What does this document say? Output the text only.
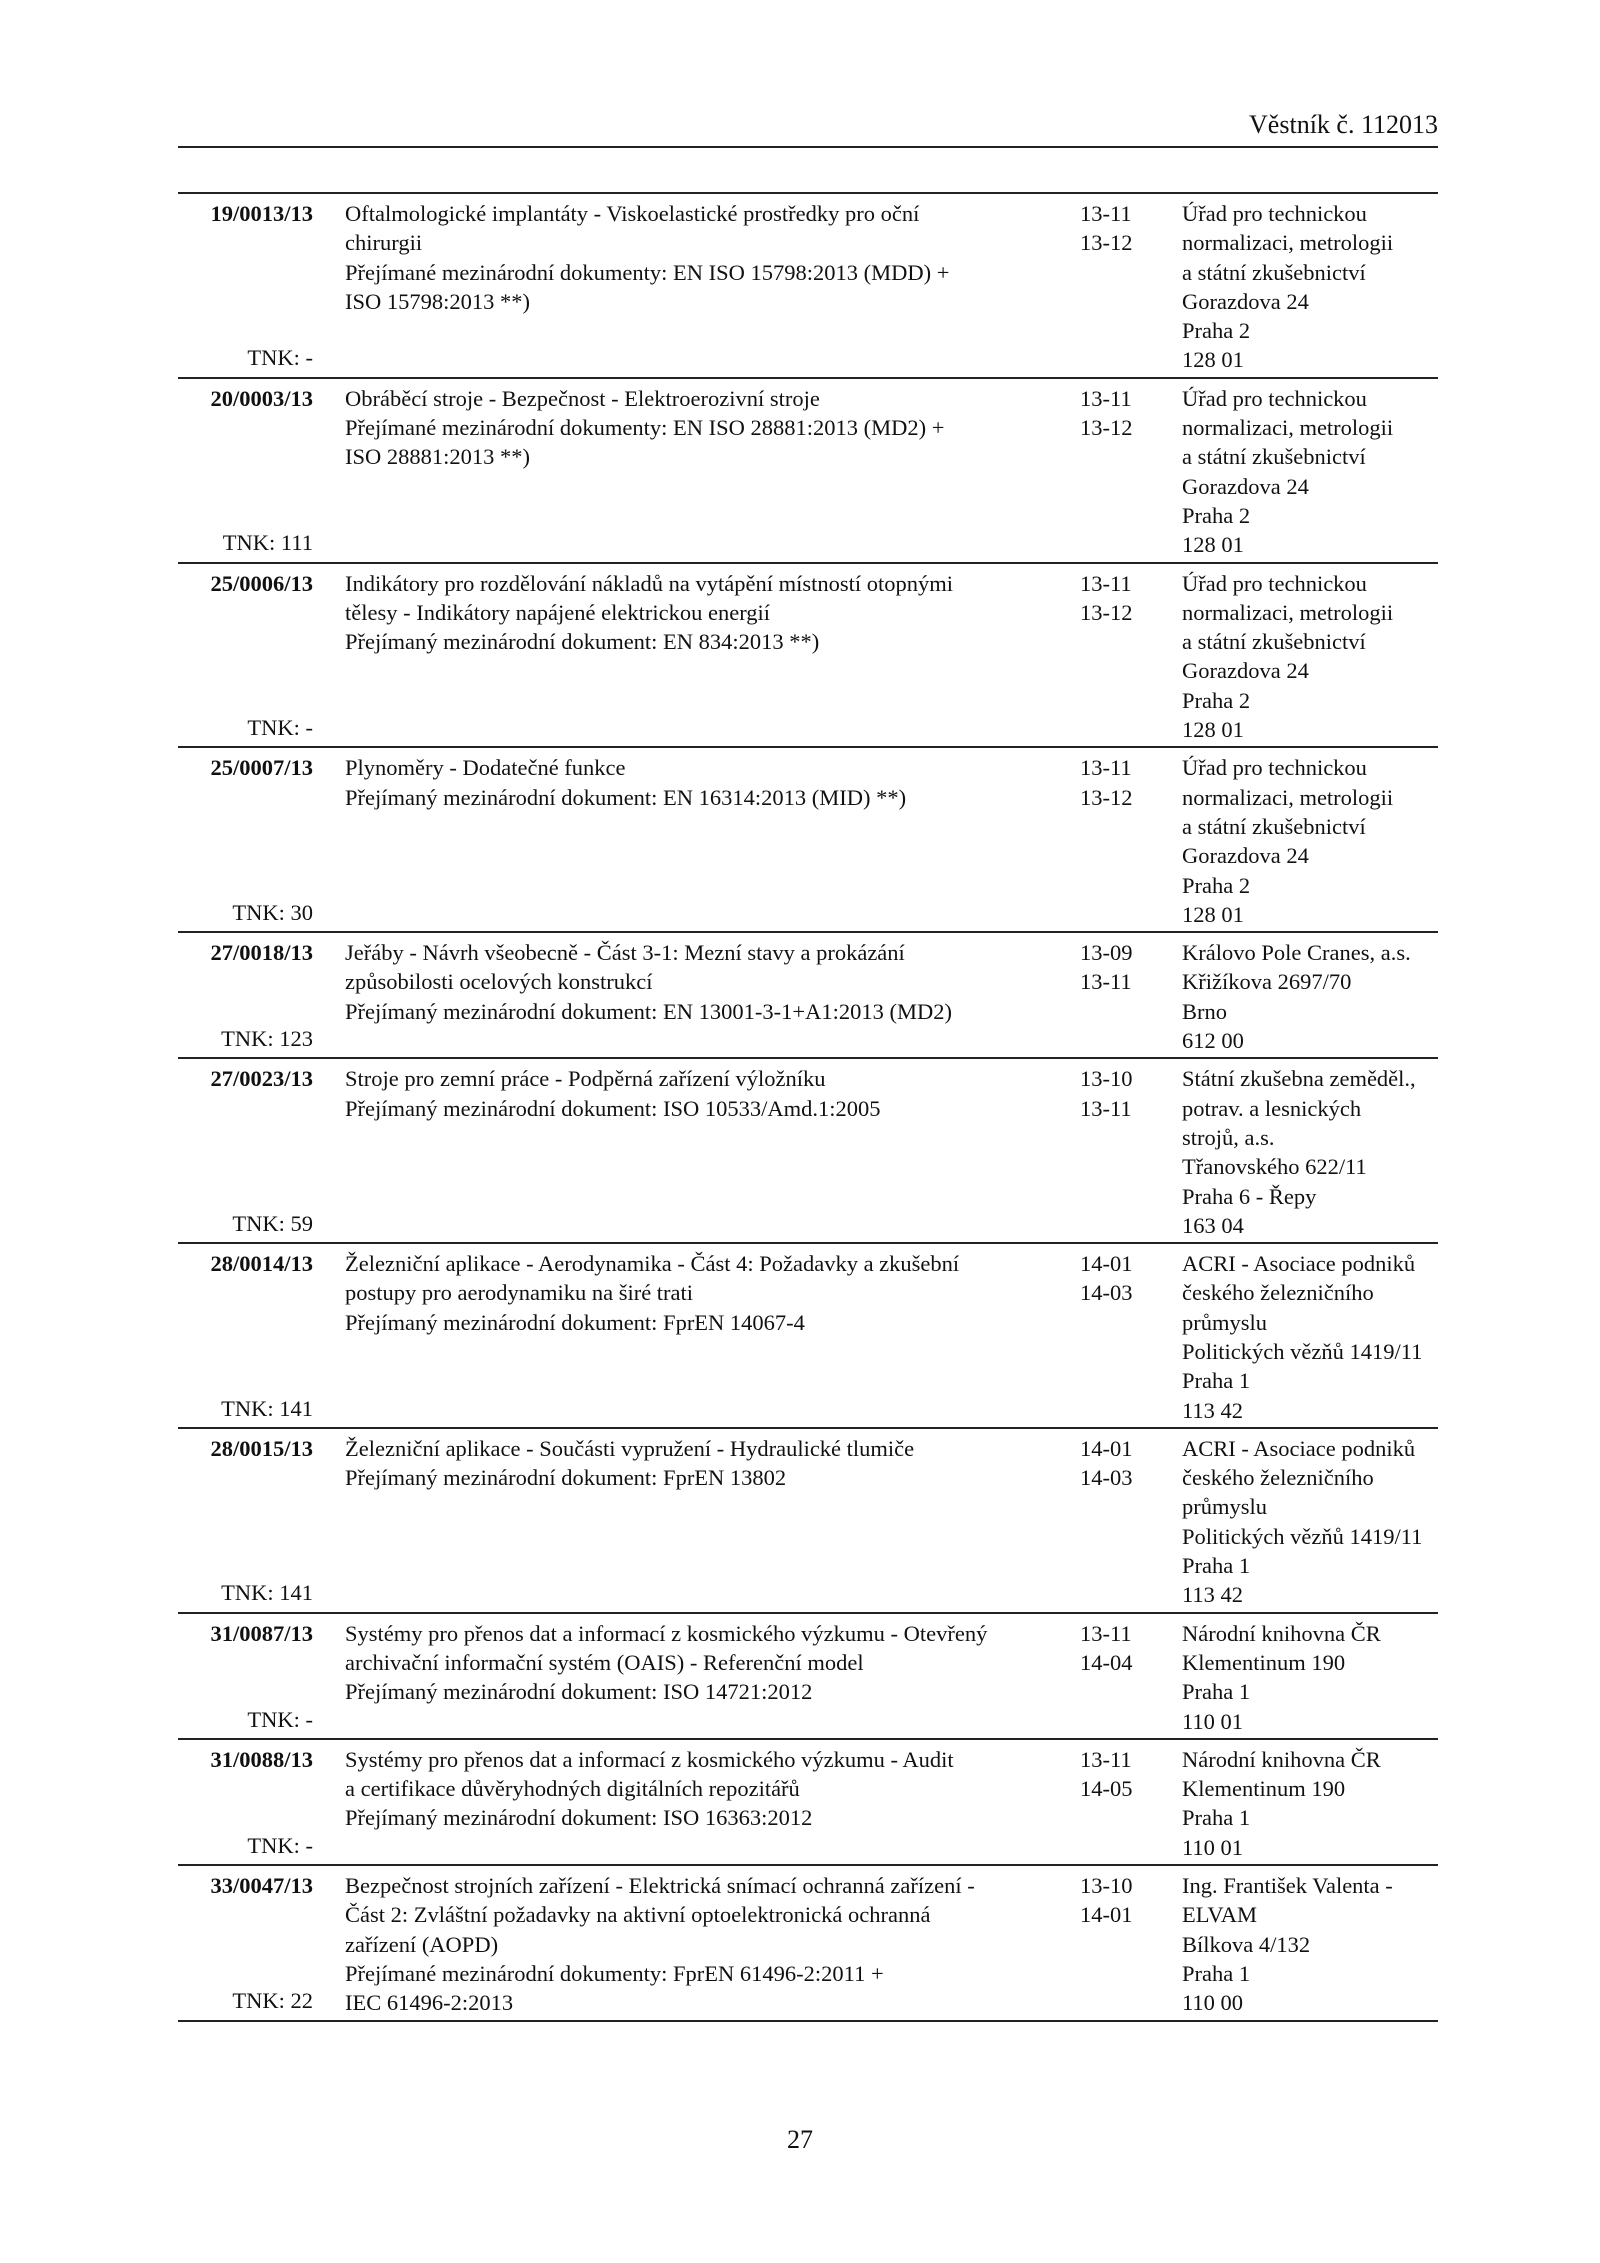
Věstník č. 112013
19/0013/13
TNK: -
Oftalmologické implantáty - Viskoelastické prostředky pro oční
chirurgii
Přejímané mezinárodní dokumenty: EN ISO 15798:2013 (MDD) +
ISO 15798:2013 **)
13-11
13-12
Úřad pro technickou
normalizaci, metrologii
a státní zkušebnictví
Gorazdova 24
Praha 2
128 01
20/0003/13
TNK: 111
Obráběcí stroje - Bezpečnost - Elektroerozivní stroje
Přejímané mezinárodní dokumenty: EN ISO 28881:2013 (MD2) +
ISO 28881:2013 **)
13-11
13-12
Úřad pro technickou
normalizaci, metrologii
a státní zkušebnictví
Gorazdova 24
Praha 2
128 01
25/0006/13
TNK: -
Indikátory pro rozdělování nákladů na vytápění místností otopnými
tělesy - Indikátory napájené elektrickou energií
Přejímaný mezinárodní dokument: EN 834:2013 **)
13-11
13-12
Úřad pro technickou
normalizaci, metrologii
a státní zkušebnictví
Gorazdova 24
Praha 2
128 01
25/0007/13
TNK: 30
Plynoměry - Dodatečné funkce
Přejímaný mezinárodní dokument: EN 16314:2013 (MID) **)
13-11
13-12
Úřad pro technickou
normalizaci, metrologii
a státní zkušebnictví
Gorazdova 24
Praha 2
128 01
27/0018/13
TNK: 123
Jeřáby - Návrh všeobecně - Část 3-1: Mezní stavy a prokázání
způsobilosti ocelových konstrukcí
Přejímaný mezinárodní dokument: EN 13001-3-1+A1:2013 (MD2)
13-09
13-11
Královo Pole Cranes, a.s.
Křižíkova 2697/70
Brno
612 00
27/0023/13
TNK: 59
Stroje pro zemní práce - Podpěrná zařízení výložníku
Přejímaný mezinárodní dokument: ISO 10533/Amd.1:2005
13-10
13-11
Státní zkušebna zeměděl.,
potrav. a lesnických
strojů, a.s.
Třanovského 622/11
Praha 6 - Řepy
163 04
28/0014/13
TNK: 141
Železniční aplikace - Aerodynamika - Část 4: Požadavky a zkušební
postupy pro aerodynamiku na širé trati
Přejímaný mezinárodní dokument: FprEN 14067-4
14-01
14-03
ACRI - Asociace podniků
českého železničního
průmyslu
Politických vězňů 1419/11
Praha 1
113 42
28/0015/13
TNK: 141
Železniční aplikace - Součásti vypružení - Hydraulické tlumiče
Přejímaný mezinárodní dokument: FprEN 13802
14-01
14-03
ACRI - Asociace podniků
českého železničního
průmyslu
Politických vězňů 1419/11
Praha 1
113 42
31/0087/13
TNK: -
Systémy pro přenos dat a informací z kosmického výzkumu - Otevřený
archivační informační systém (OAIS) - Referenční model
Přejímaný mezinárodní dokument: ISO 14721:2012
13-11
14-04
Národní knihovna ČR
Klementinum 190
Praha 1
110 01
31/0088/13
TNK: -
Systémy pro přenos dat a informací z kosmického výzkumu - Audit
a certifikace důvěryhodných digitálních repozitářů
Přejímaný mezinárodní dokument: ISO 16363:2012
13-11
14-05
Národní knihovna ČR
Klementinum 190
Praha 1
110 01
33/0047/13
TNK: 22
Bezpečnost strojních zařízení - Elektrická snímací ochranná zařízení -
Část 2: Zvláštní požadavky na aktivní optoelektronická ochranná
zařízení (AOPD)
Přejímané mezinárodní dokumenty: FprEN 61496-2:2011 +
IEC 61496-2:2013
13-10
14-01
Ing. František Valenta -
ELVAM
Bílkova 4/132
Praha 1
110 00
27
